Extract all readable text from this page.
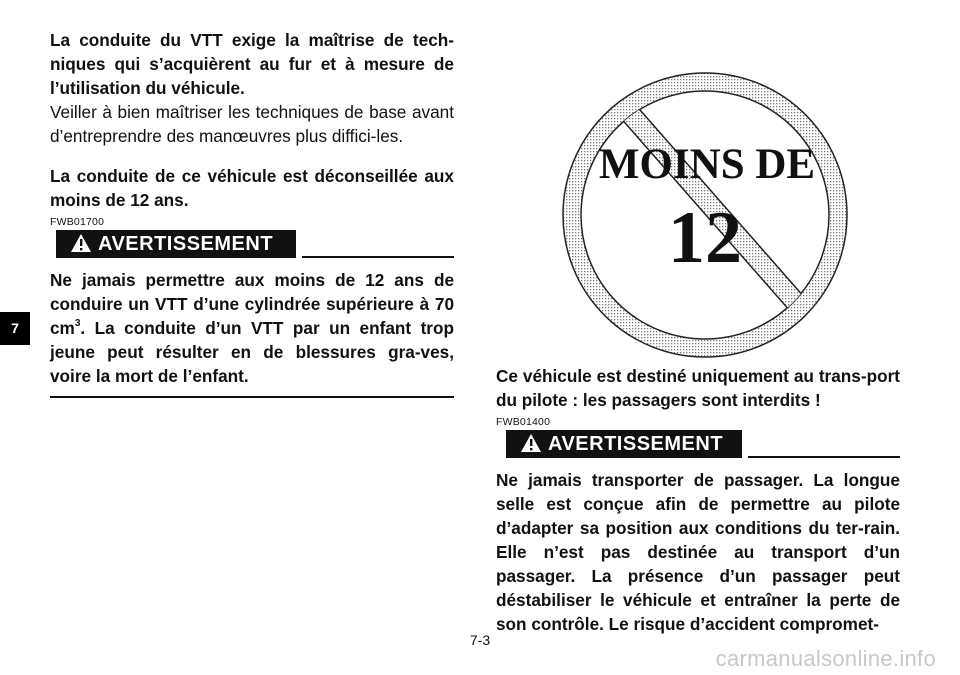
7

La conduite du VTT exige la maîtrise de tech-niques qui s’acquièrent au fur et à mesure de l’utilisation du véhicule.

Veiller à bien maîtriser les techniques de base avant d’entreprendre des manœuvres plus diffici-les.

La conduite de ce véhicule est déconseillée aux moins de 12 ans.

FWB01700

AVERTISSEMENT

Ne jamais permettre aux moins de 12 ans de conduire un VTT d’une cylindrée supérieure à 70 $cm^3$. La conduite d’un VTT par un enfant trop jeune peut résulter en de blessures gra-ves, voire la mort de l’enfant.

MOINS DE
12

Ce véhicule est destiné uniquement au trans-port du pilote : les passagers sont interdits !

FWB01400

AVERTISSEMENT

Ne jamais transporter de passager. La longue selle est conçue afin de permettre au pilote d’adapter sa position aux conditions du ter-rain. Elle n’est pas destinée au transport d’un passager. La présence d’un passager peut déstabiliser le véhicule et entraîner la perte de son contrôle. Le risque d’accident compromet-

7-3
carmanualsonline.info
